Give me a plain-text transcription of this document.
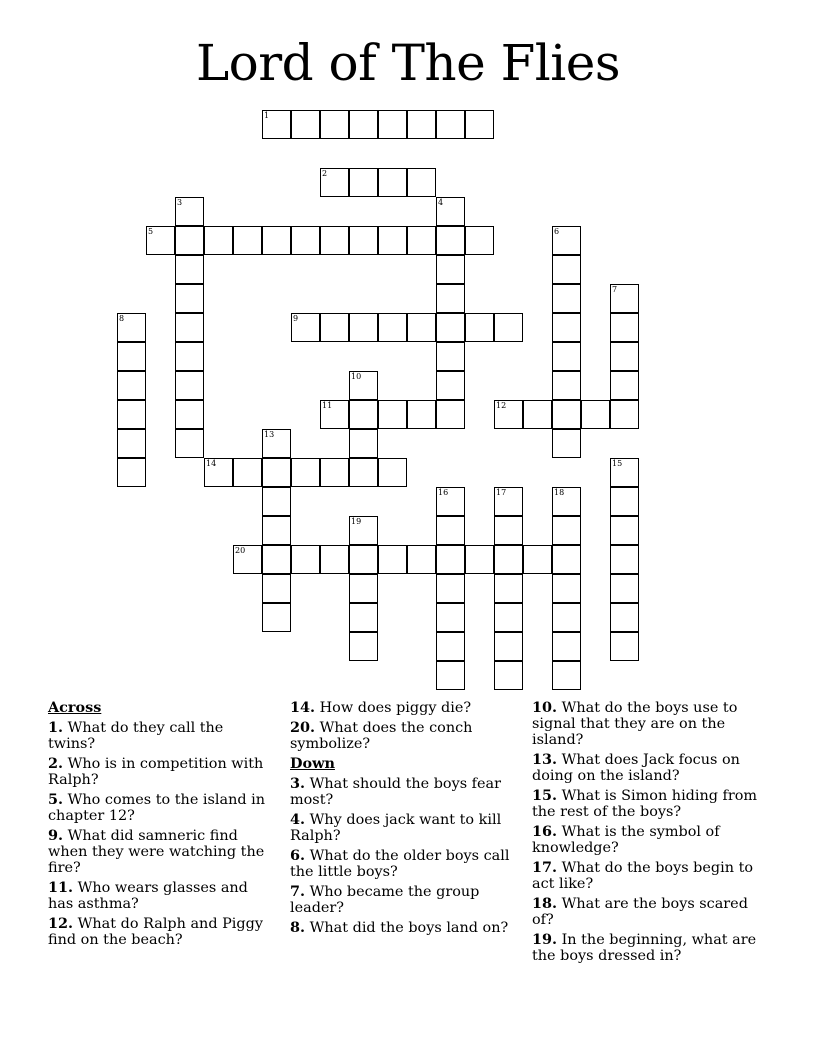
Lord of The Flies
1
2
3	4
5	6
7
8	9
10
11	12
13
14	15
16	17	18
19
20
Across
1. What do they call the twins?
2. Who is in competition with Ralph?
5. Who comes to the island in chapter 12?
9. What did samneric find when they were watching the fire?
11. Who wears glasses and has asthma?
12. What do Ralph and Piggy find on the beach?
14. How does piggy die?
20. What does the conch symbolize?
Down
3. What should the boys fear most?
4. Why does jack want to kill Ralph?
6. What do the older boys call the little boys?
7. Who became the group leader?
8. What did the boys land on?
10. What do the boys use to signal that they are on the island?
13. What does Jack focus on doing on the island?
15. What is Simon hiding from the rest of the boys?
16. What is the symbol of knowledge?
17. What do the boys begin to act like?
18. What are the boys scared of?
19. In the beginning, what are the boys dressed in?
